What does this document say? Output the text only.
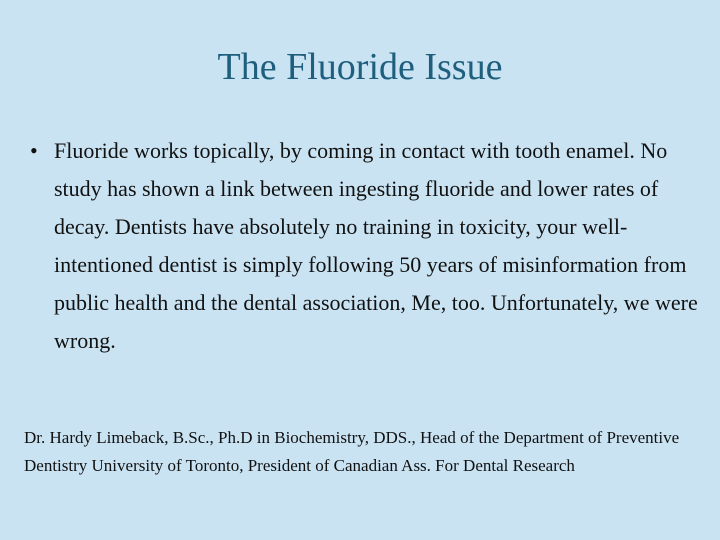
The Fluoride Issue
• Fluoride works topically, by coming in contact with tooth enamel. No study has shown a link between ingesting fluoride and lower rates of decay. Dentists have absolutely no training in toxicity, your well-intentioned dentist is simply following 50 years of misinformation from public health and the dental association, Me, too. Unfortunately, we were wrong.

Dr. Hardy Limeback, B.Sc., Ph.D in Biochemistry, DDS., Head of the Department of Preventive Dentistry University of Toronto, President of Canadian Ass. For Dental Research
